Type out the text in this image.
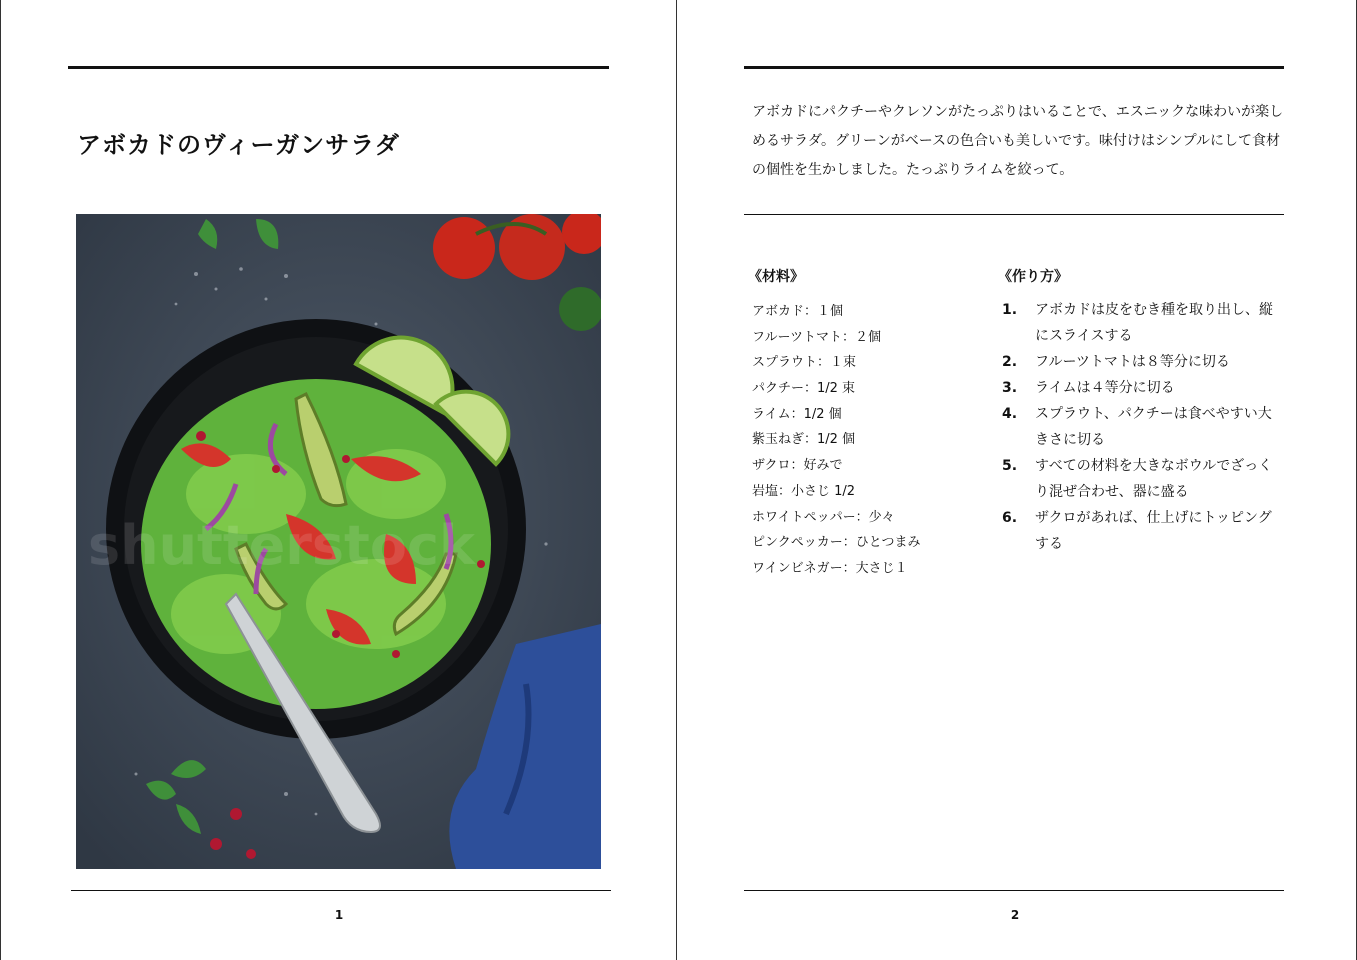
アボカドのヴィーガンサラダ
shutterstock
1

アボカドにパクチーやクレソンがたっぷりはいることで、エスニックな味わいが楽しめるサラダ。グリーンがベースの色合いも美しいです。味付けはシンプルにして食材の個性を生かしました。たっぷりライムを絞って。

《材料》
アボカド：１個
フルーツトマト：２個
スプラウト：１束
パクチー：1/2 束
ライム：1/2 個
紫玉ねぎ：1/2 個
ザクロ：好みで
岩塩：小さじ 1/2
ホワイトペッパー：少々
ピンクペッカー：ひとつまみ
ワインビネガー：大さじ１
《作り方》
1.	アボカドは皮をむき種を取り出し、縦にスライスする
2.	フルーツトマトは８等分に切る
3.	ライムは４等分に切る
4.	スプラウト、パクチーは食べやすい大きさに切る
5.	すべての材料を大きなボウルでざっくり混ぜ合わせ、器に盛る
6.	ザクロがあれば、仕上げにトッピングする
2
